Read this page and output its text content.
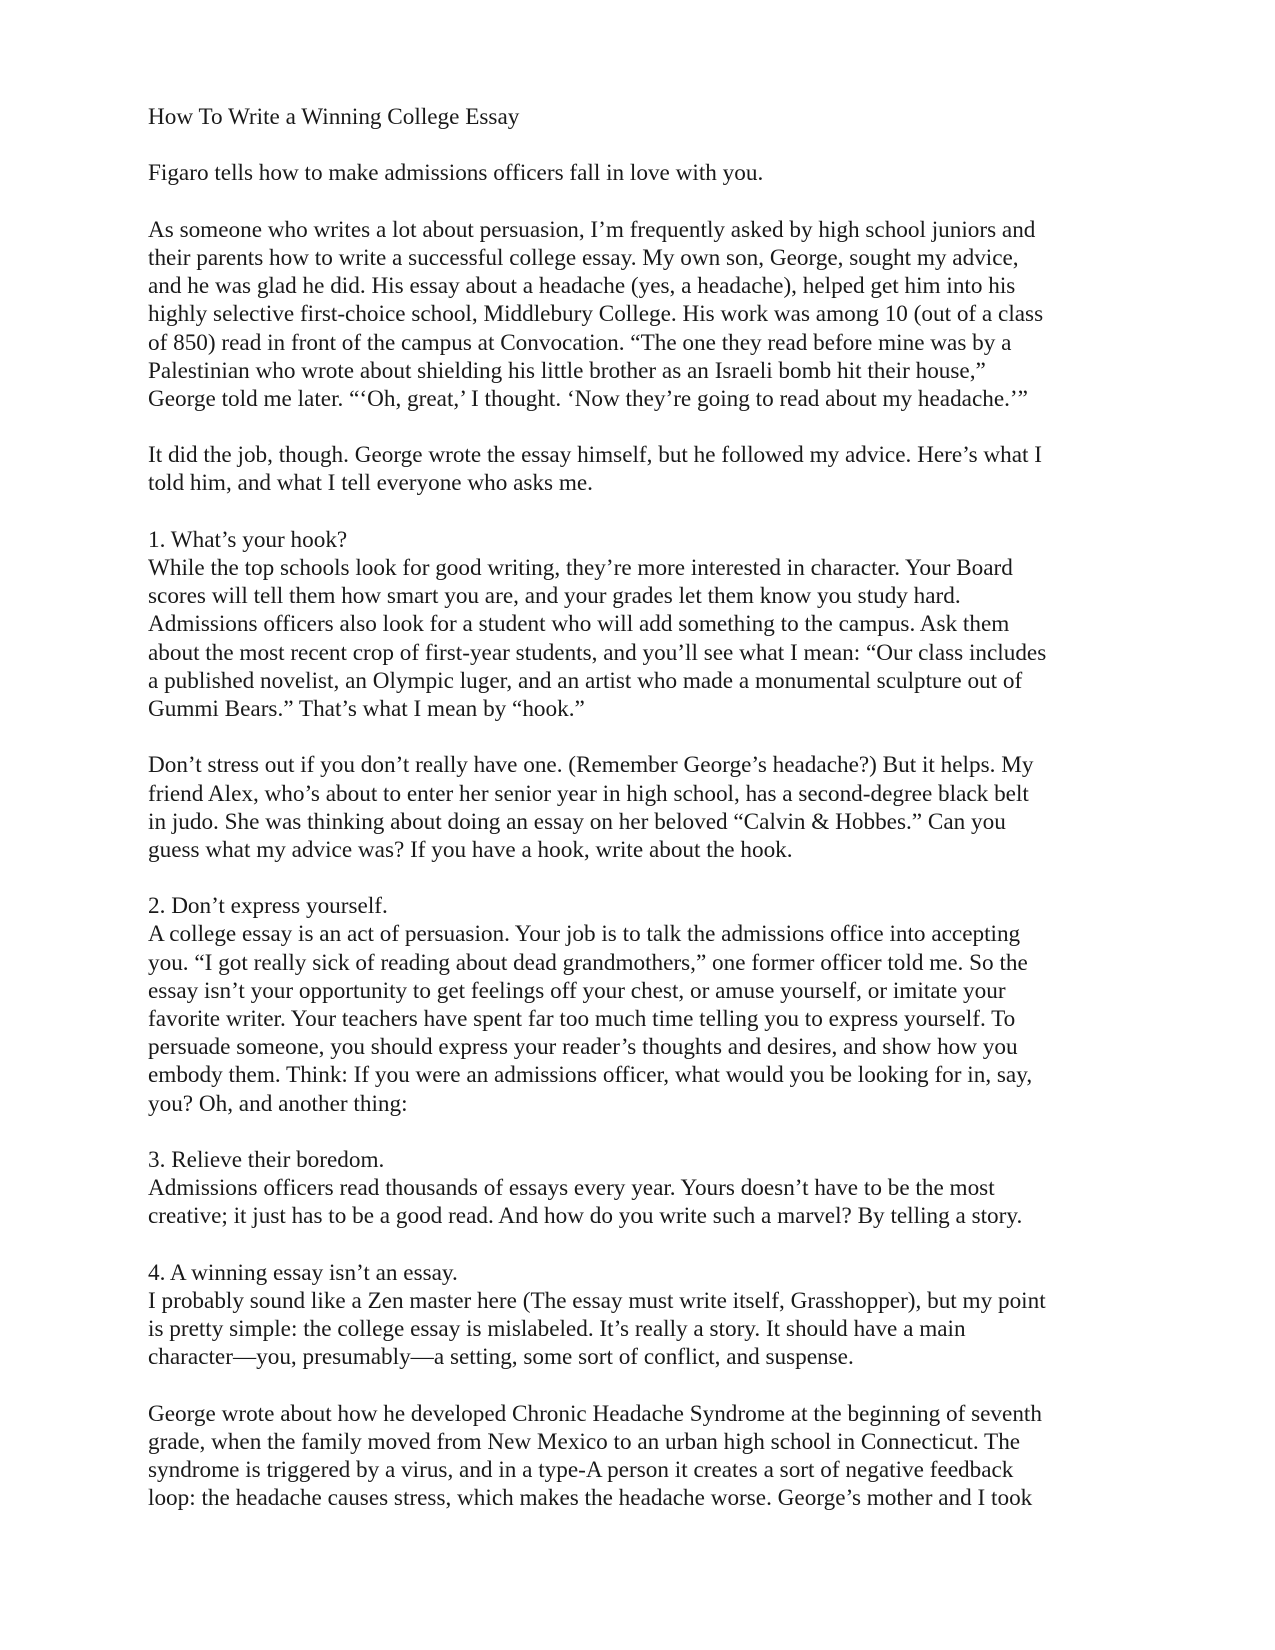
How To Write a Winning College Essay
Figaro tells how to make admissions officers fall in love with you.
As someone who writes a lot about persuasion, I’m frequently asked by high school juniors and
their parents how to write a successful college essay. My own son, George, sought my advice,
and he was glad he did. His essay about a headache (yes, a headache), helped get him into his
highly selective first-choice school, Middlebury College. His work was among 10 (out of a class
of 850) read in front of the campus at Convocation. “The one they read before mine was by a
Palestinian who wrote about shielding his little brother as an Israeli bomb hit their house,”
George told me later. “‘Oh, great,’ I thought. ‘Now they’re going to read about my headache.’”
It did the job, though. George wrote the essay himself, but he followed my advice. Here’s what I
told him, and what I tell everyone who asks me.
1. What’s your hook?
While the top schools look for good writing, they’re more interested in character. Your Board
scores will tell them how smart you are, and your grades let them know you study hard.
Admissions officers also look for a student who will add something to the campus. Ask them
about the most recent crop of first-year students, and you’ll see what I mean: “Our class includes
a published novelist, an Olympic luger, and an artist who made a monumental sculpture out of
Gummi Bears.” That’s what I mean by “hook.”
Don’t stress out if you don’t really have one. (Remember George’s headache?) But it helps. My
friend Alex, who’s about to enter her senior year in high school, has a second-degree black belt
in judo. She was thinking about doing an essay on her beloved “Calvin & Hobbes.” Can you
guess what my advice was? If you have a hook, write about the hook.
2. Don’t express yourself.
A college essay is an act of persuasion. Your job is to talk the admissions office into accepting
you. “I got really sick of reading about dead grandmothers,” one former officer told me. So the
essay isn’t your opportunity to get feelings off your chest, or amuse yourself, or imitate your
favorite writer. Your teachers have spent far too much time telling you to express yourself. To
persuade someone, you should express your reader’s thoughts and desires, and show how you
embody them. Think: If you were an admissions officer, what would you be looking for in, say,
you? Oh, and another thing:
3. Relieve their boredom.
Admissions officers read thousands of essays every year. Yours doesn’t have to be the most
creative; it just has to be a good read. And how do you write such a marvel? By telling a story.
4. A winning essay isn’t an essay.
I probably sound like a Zen master here (The essay must write itself, Grasshopper), but my point
is pretty simple: the college essay is mislabeled. It’s really a story. It should have a main
character—you, presumably—a setting, some sort of conflict, and suspense.
George wrote about how he developed Chronic Headache Syndrome at the beginning of seventh
grade, when the family moved from New Mexico to an urban high school in Connecticut. The
syndrome is triggered by a virus, and in a type-A person it creates a sort of negative feedback
loop: the headache causes stress, which makes the headache worse. George’s mother and I took
